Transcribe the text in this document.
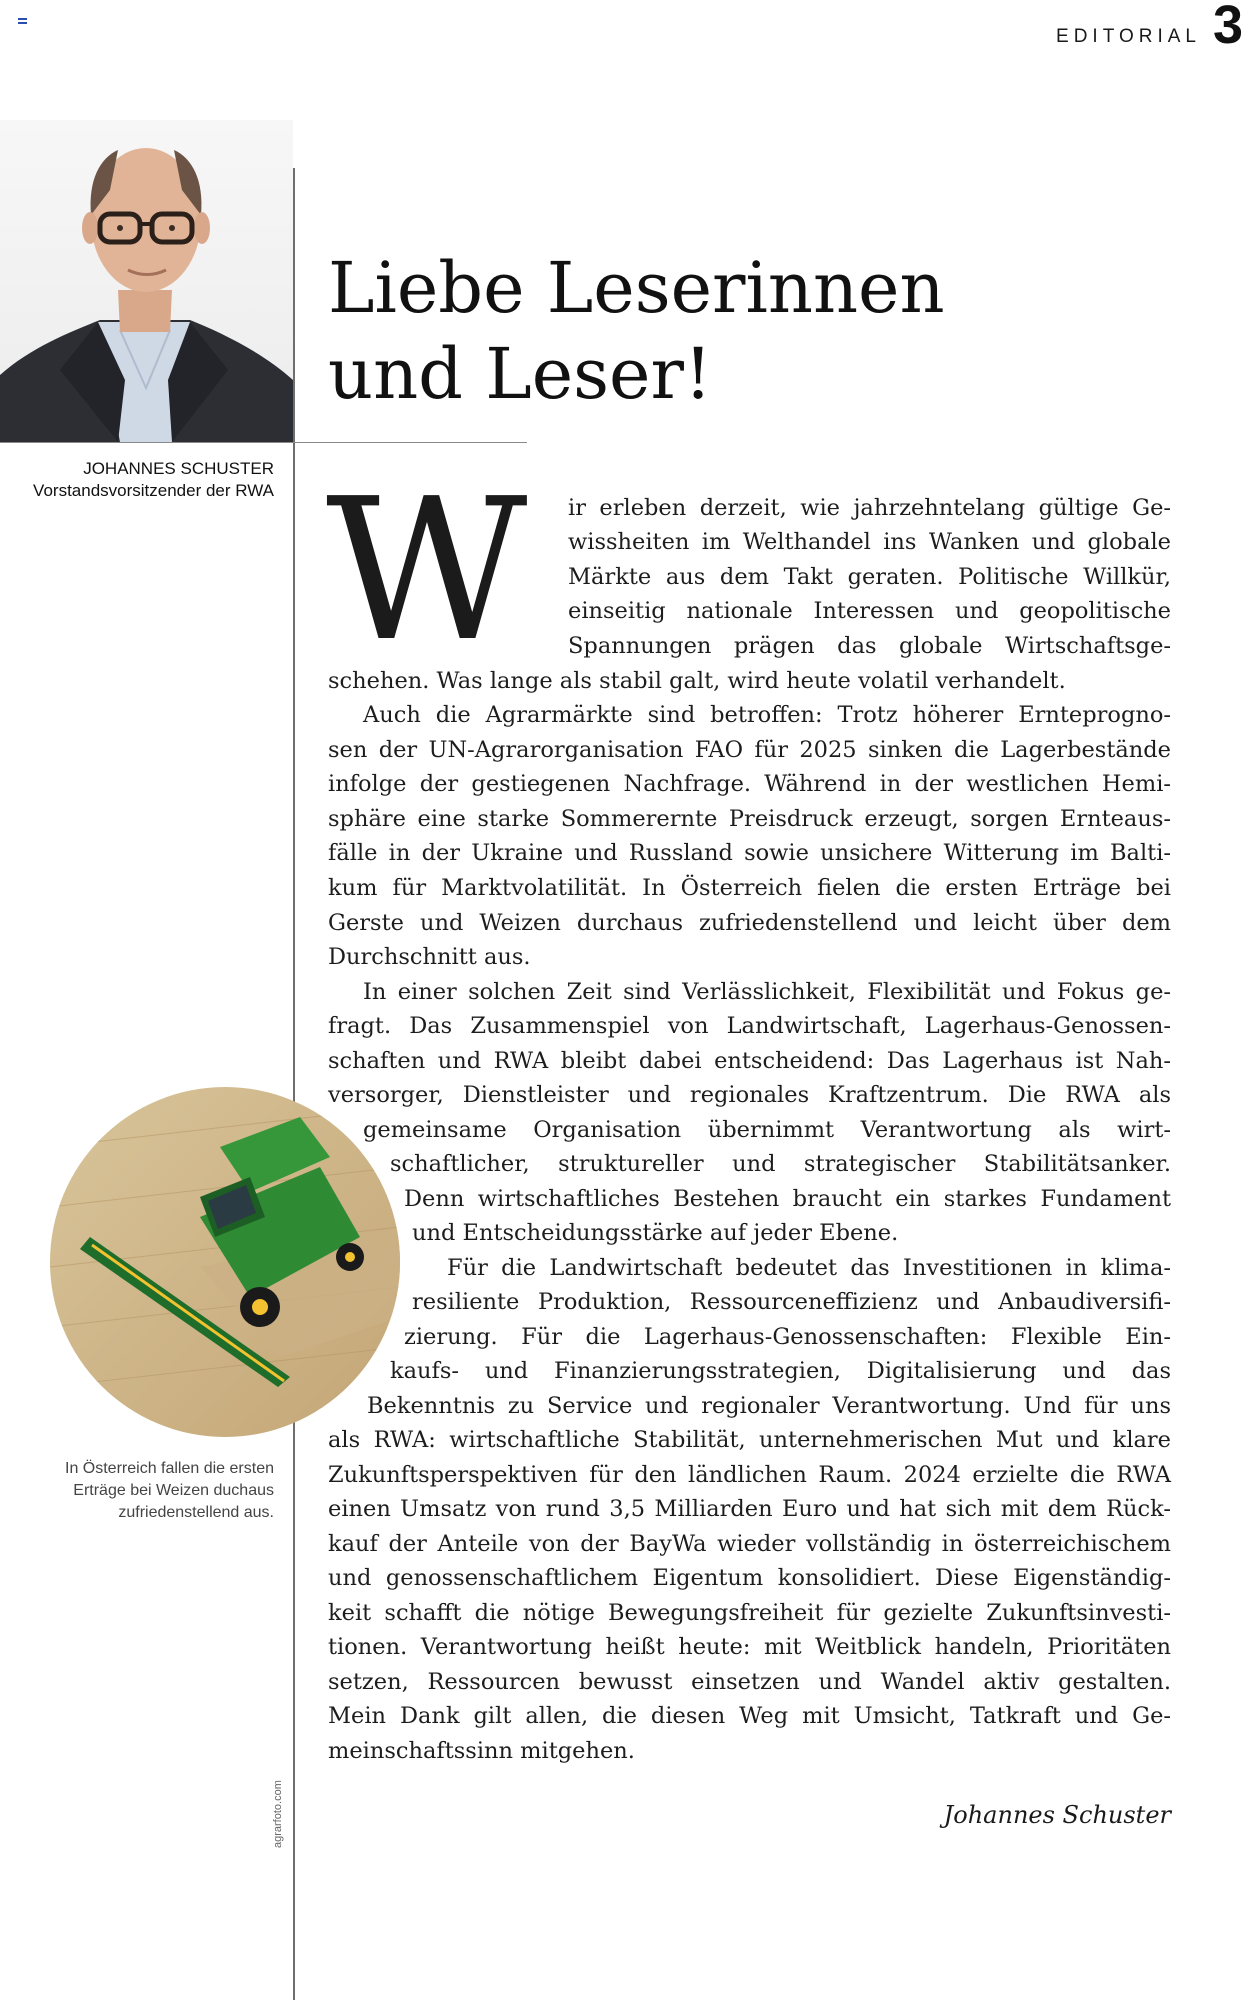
EDITORIAL 3
JOHANNES SCHUSTER
Vorstandsvorsitzender der RWA
Liebe Leserinnen
und Leser!
W ir erleben derzeit, wie jahrzehntelang gültige Ge-
wissheiten im Welthandel ins Wanken und globale
Märkte aus dem Takt geraten. Politische Willkür,
einseitig nationale Interessen und geopolitische
Spannungen prägen das globale Wirtschaftsge-
schehen. Was lange als stabil galt, wird heute volatil verhandelt.
Auch die Agrarmärkte sind betroffen: Trotz höherer Ernteprogno-
sen der UN-Agrarorganisation FAO für 2025 sinken die Lagerbestände
infolge der gestiegenen Nachfrage. Während in der westlichen Hemi-
sphäre eine starke Sommerernte Preisdruck erzeugt, sorgen Ernteaus-
fälle in der Ukraine und Russland sowie unsichere Witterung im Balti-
kum für Marktvolatilität. In Österreich fielen die ersten Erträge bei
Gerste und Weizen durchaus zufriedenstellend und leicht über dem
Durchschnitt aus.
In einer solchen Zeit sind Verlässlichkeit, Flexibilität und Fokus ge-
fragt. Das Zusammenspiel von Landwirtschaft, Lagerhaus-Genossen-
schaften und RWA bleibt dabei entscheidend: Das Lagerhaus ist Nah-
versorger, Dienstleister und regionales Kraftzentrum. Die RWA als
gemeinsame Organisation übernimmt Verantwortung als wirt-
schaftlicher, struktureller und strategischer Stabilitätsanker.
Denn wirtschaftliches Bestehen braucht ein starkes Fundament
und Entscheidungsstärke auf jeder Ebene.
Für die Landwirtschaft bedeutet das Investitionen in klima-
resiliente Produktion, Ressourceneffizienz und Anbaudiversifi-
zierung. Für die Lagerhaus-Genossenschaften: Flexible Ein-
kaufs- und Finanzierungsstrategien, Digitalisierung und das
Bekenntnis zu Service und regionaler Verantwortung. Und für uns
als RWA: wirtschaftliche Stabilität, unternehmerischen Mut und klare
Zukunftsperspektiven für den ländlichen Raum. 2024 erzielte die RWA
einen Umsatz von rund 3,5 Milliarden Euro und hat sich mit dem Rück-
kauf der Anteile von der BayWa wieder vollständig in österreichischem
und genossenschaftlichem Eigentum konsolidiert. Diese Eigenständig-
keit schafft die nötige Bewegungsfreiheit für gezielte Zukunftsinvesti-
tionen. Verantwortung heißt heute: mit Weitblick handeln, Prioritäten
setzen, Ressourcen bewusst einsetzen und Wandel aktiv gestalten.
Mein Dank gilt allen, die diesen Weg mit Umsicht, Tatkraft und Ge-
meinschaftssinn mitgehen.
In Österreich fallen die ersten
Erträge bei Weizen duchaus
zufriedenstellend aus.
agrarfoto.com	Johannes Schuster
